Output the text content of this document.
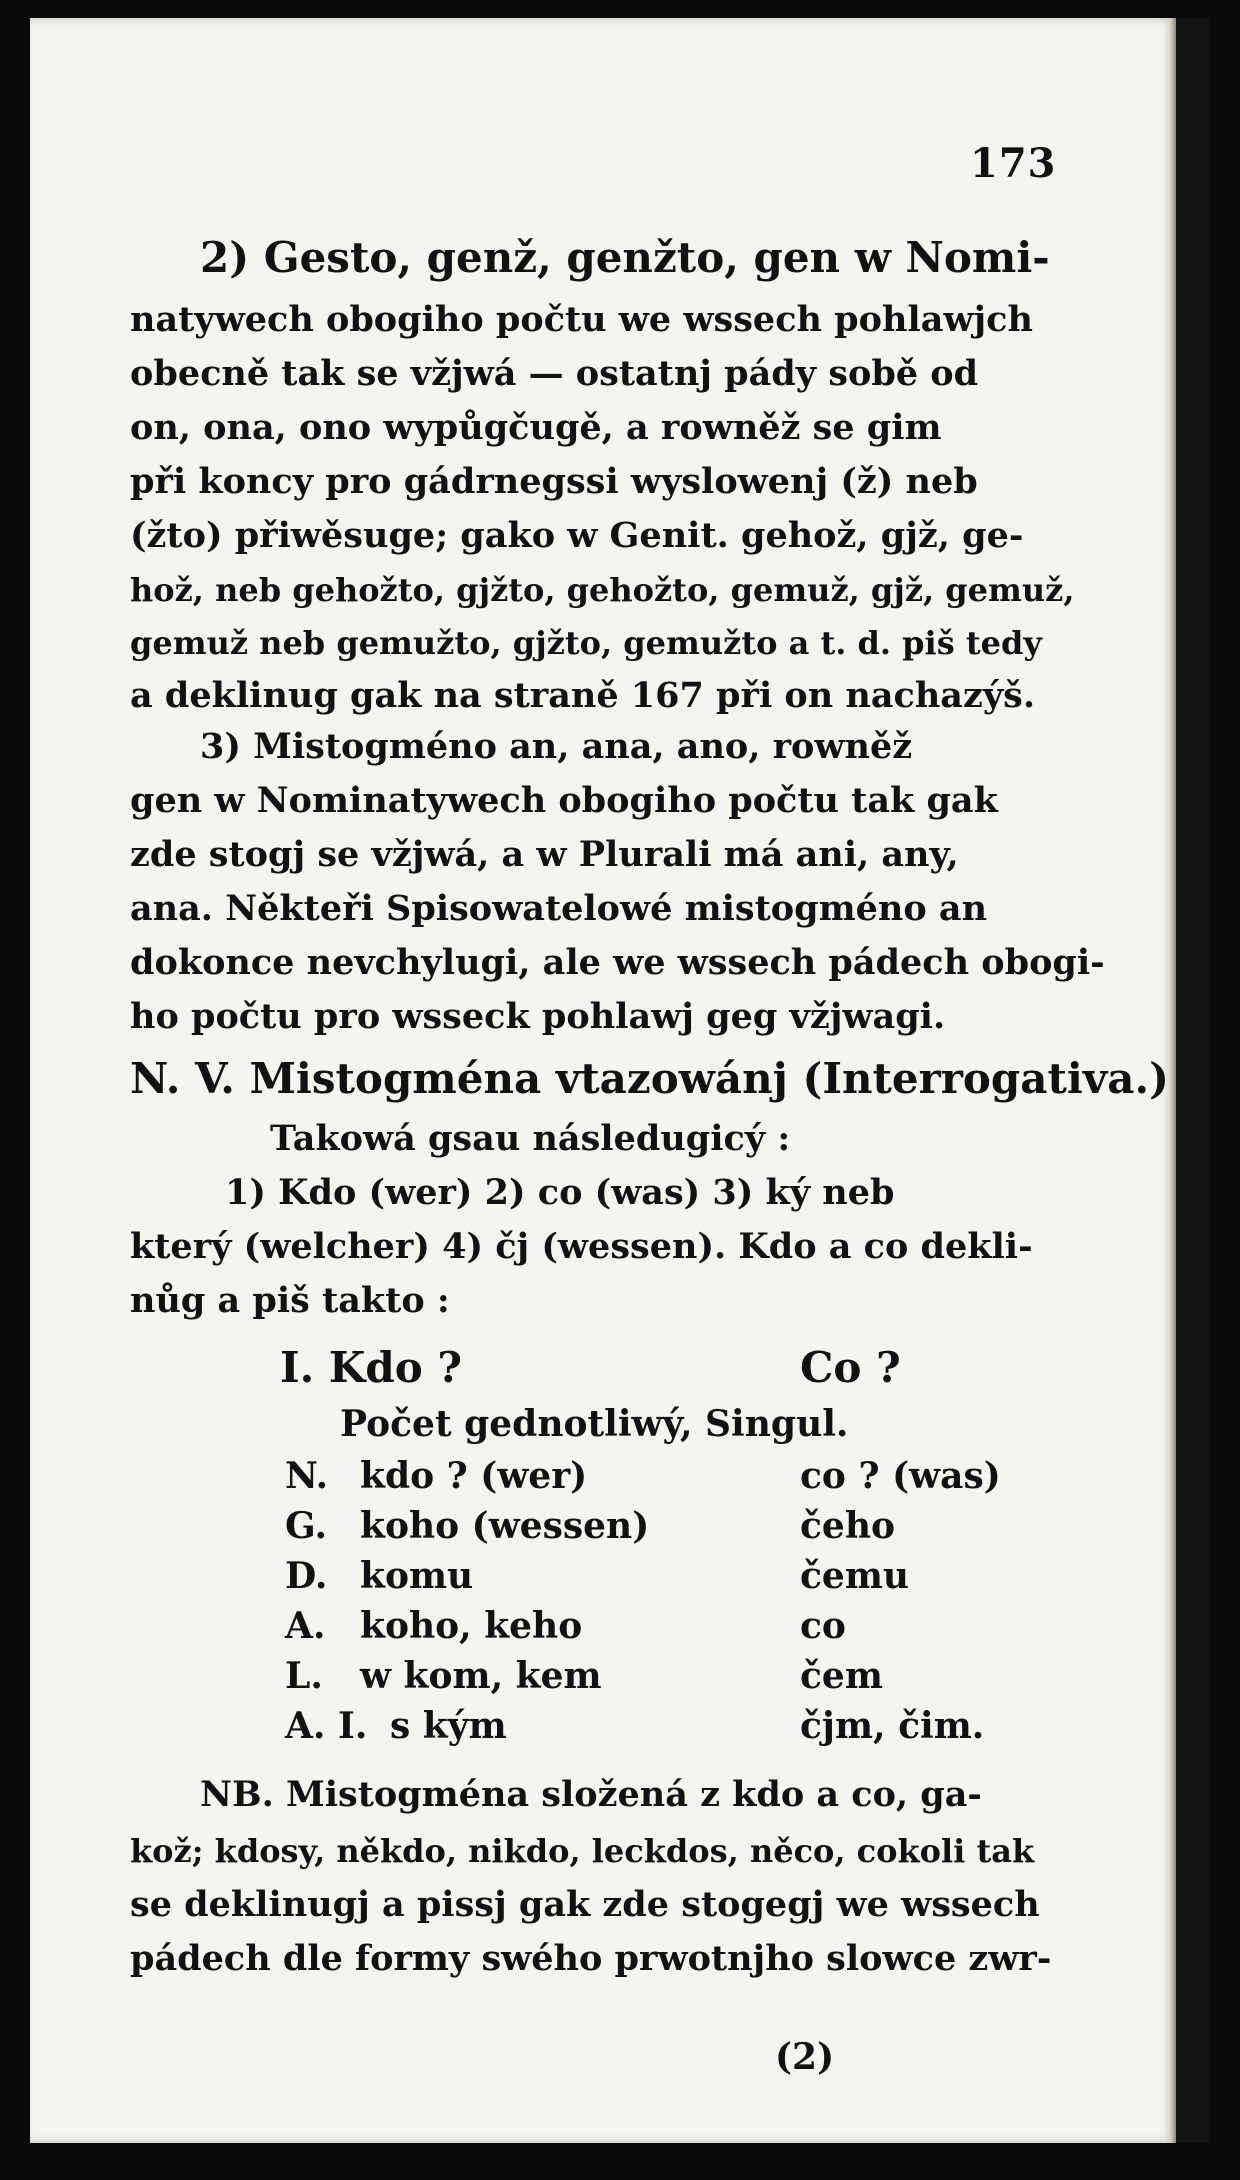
173
2) Gesto, genž, genžto, gen w Nomi-
natywech obogiho počtu we wssech pohlawjch
obecně tak se vžjwá — ostatnj pády sobě od
on, ona, ono wypůgčugě, a rowněž se gim
při koncy pro gádrnegssi wyslowenj (ž) neb
(žto) přiwěsuge; gako w Genit. gehož, gjž, ge-
hož, neb gehožto, gjžto, gehožto, gemuž, gjž, gemuž,
gemuž neb gemužto, gjžto, gemužto a t. d. piš tedy
a deklinug gak na straně 167 při on nachazýš.
3) Mistogméno an, ana, ano, rowněž
gen w Nominatywech obogiho počtu tak gak
zde stogj se vžjwá, a w Plurali má ani, any,
ana. Někteři Spisowatelowé mistogméno an
dokonce nevchylugi, ale we wssech pádech obogi-
ho počtu pro wsseck pohlawj geg vžjwagi.
N. V. Mistogména vtazowánj (Interrogativa.)
Takowá gsau následugicý :
1) Kdo (wer) 2) co (was) 3) ký neb
který (welcher) 4) čj (wessen). Kdo a co dekli-
nůg a piš takto :
I. Kdo ?	Co ?
Počet gednotliwý, Singul.
N. kdo ? (wer)	co ? (was)
G. koho (wessen)	čeho
D. komu	čemu
A. koho, keho	co
L. w kom, kem	čem
A. I. s kým	čjm, čim.
NB. Mistogména složená z kdo a co, ga-
kož; kdosy, někdo, nikdo, leckdos, něco, cokoli tak
se deklinugj a pissj gak zde stogegj we wssech
pádech dle formy swého prwotnjho slowce zwr-
(2)
